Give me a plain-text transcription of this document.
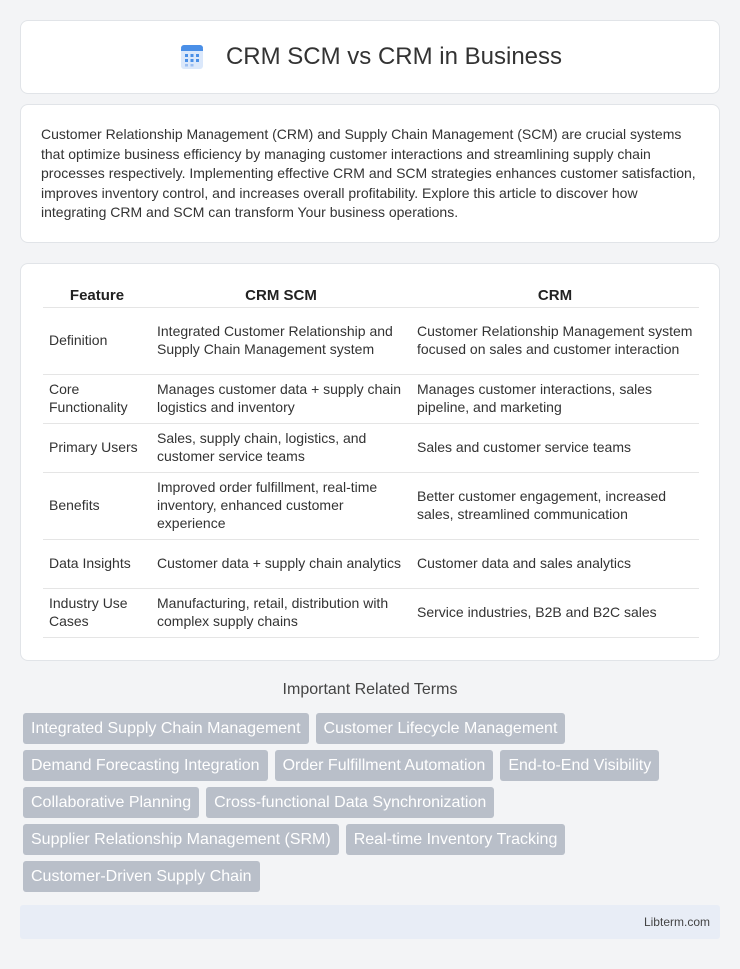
CRM SCM vs CRM in Business

Customer Relationship Management (CRM) and Supply Chain Management (SCM) are crucial systems that optimize business efficiency by managing customer interactions and streamlining supply chain processes respectively. Implementing effective CRM and SCM strategies enhances customer satisfaction, improves inventory control, and increases overall profitability. Explore this article to discover how integrating CRM and SCM can transform Your business operations.

Feature	CRM SCM	CRM
Definition	Integrated Customer Relationship and Supply Chain Management system	Customer Relationship Management system focused on sales and customer interaction
Core Functionality	Manages customer data + supply chain logistics and inventory	Manages customer interactions, sales pipeline, and marketing
Primary Users	Sales, supply chain, logistics, and customer service teams	Sales and customer service teams
Benefits	Improved order fulfillment, real-time inventory, enhanced customer experience	Better customer engagement, increased sales, streamlined communication
Data Insights	Customer data + supply chain analytics	Customer data and sales analytics
Industry Use Cases	Manufacturing, retail, distribution with complex supply chains	Service industries, B2B and B2C sales
Important Related Terms
Integrated Supply Chain Management	Customer Lifecycle Management
Demand Forecasting Integration	Order Fulfillment Automation	End-to-End Visibility
Collaborative Planning	Cross-functional Data Synchronization
Supplier Relationship Management (SRM)	Real-time Inventory Tracking
Customer-Driven Supply Chain
Libterm.com
